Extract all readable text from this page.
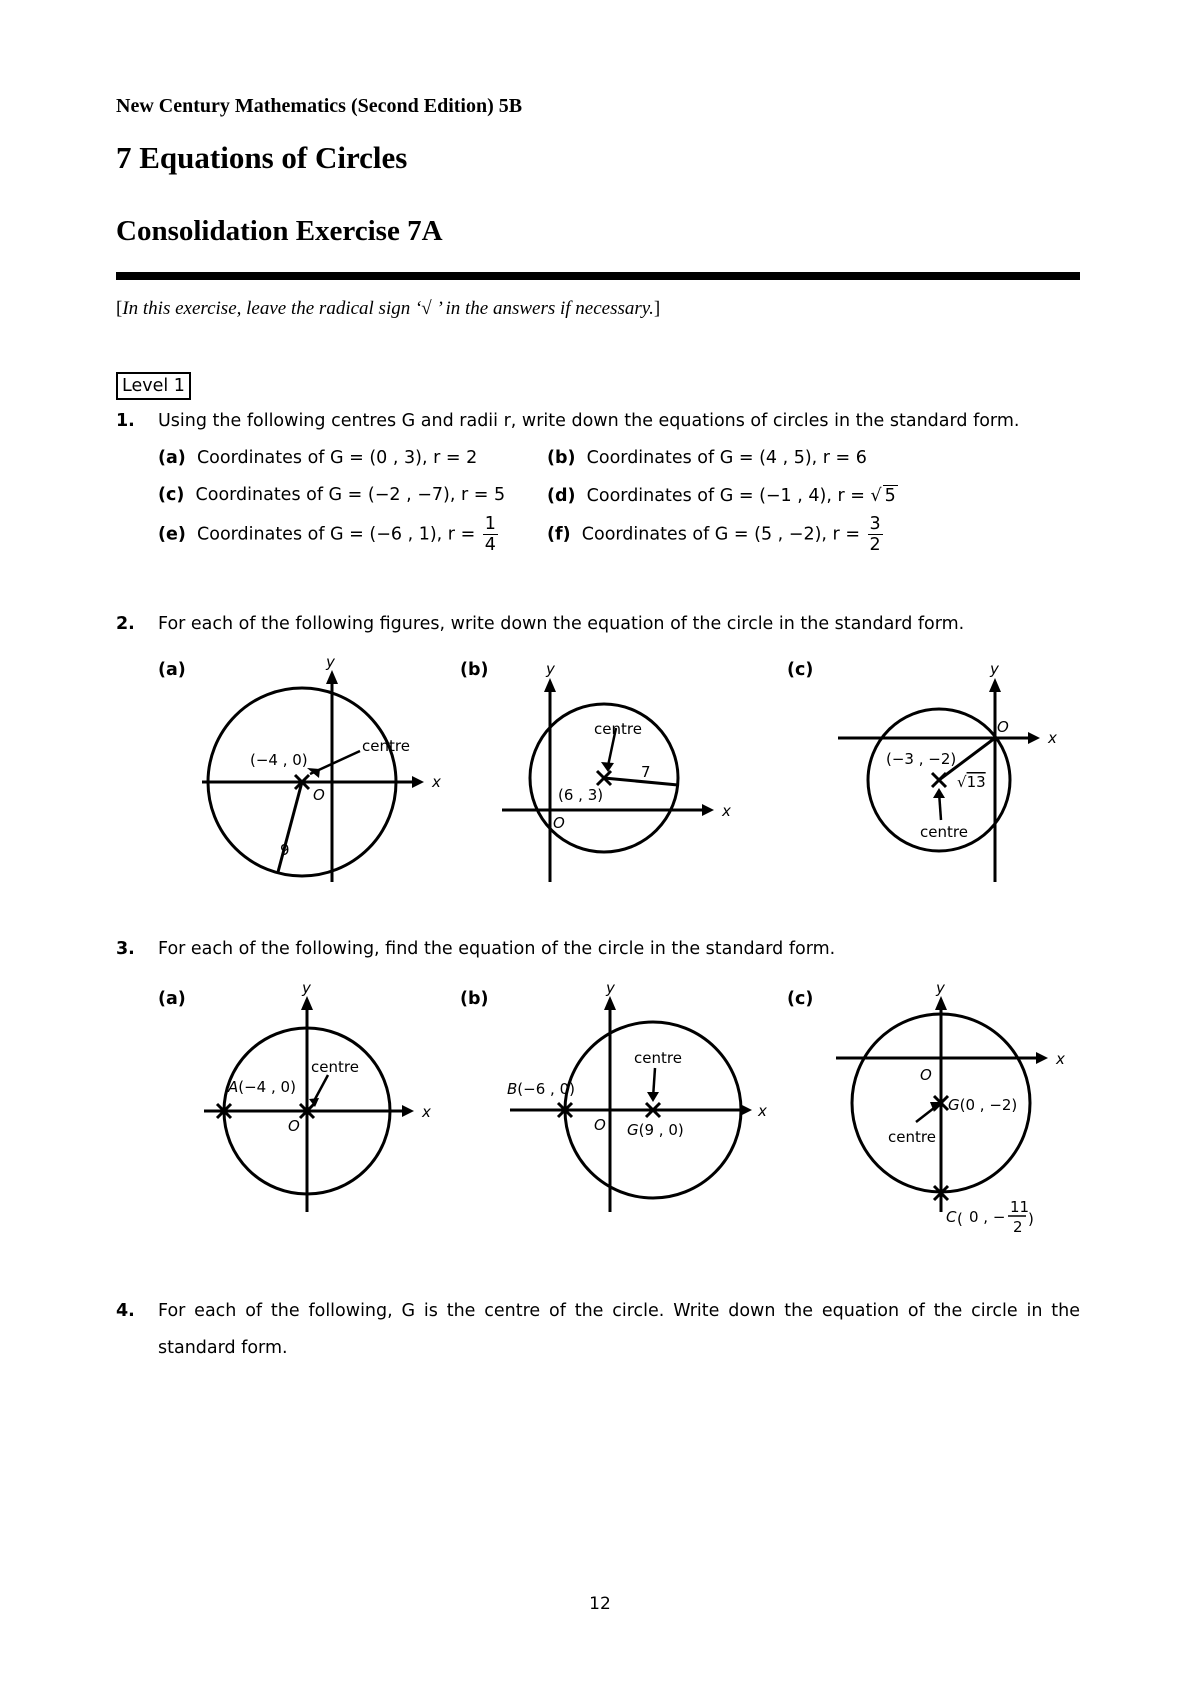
New Century Mathematics (Second Edition) 5B
7 Equations of Circles
Consolidation Exercise 7A
[In this exercise, leave the radical sign ‘√ ’ in the answers if necessary.]
Level 1
1. Using the following centres G and radii r, write down the equations of circles in the standard form.
(a) Coordinates of G = (0 , 3), r = 2	(b) Coordinates of G = (4 , 5), r = 6
(c) Coordinates of G = (−2 , −7), r = 5 (d) Coordinates of G = (−1 , 4), r = √ 5
(e) Coordinates of G = (−6 , 1), $r = \frac{1}{4}$	(f) Coordinates of G = (5 , −2), $r = \frac{3}{2}$
2. For each of the following figures, write down the equation of the circle in the standard form.
(a)	(b)	(c)
x
y
O
centre
(−4 , 0)
9
x
y
O
centre
(6 , 3)
7
x
y
O
(−3 , −2)
√13
centre
3. For each of the following, find the equation of the circle in the standard form.
(a)	(b)	(c)
x
y
O
centre
A(−4 , 0)
x
y
O
centre
B(−6 , 0)
G(9 , 0)
x
y
O
G(0 , −2)
centre
C ( 0 , −
11
2 )
4. For each of the following, G is the centre of the circle. Write down the equation of the circle in the
standard form.
12
